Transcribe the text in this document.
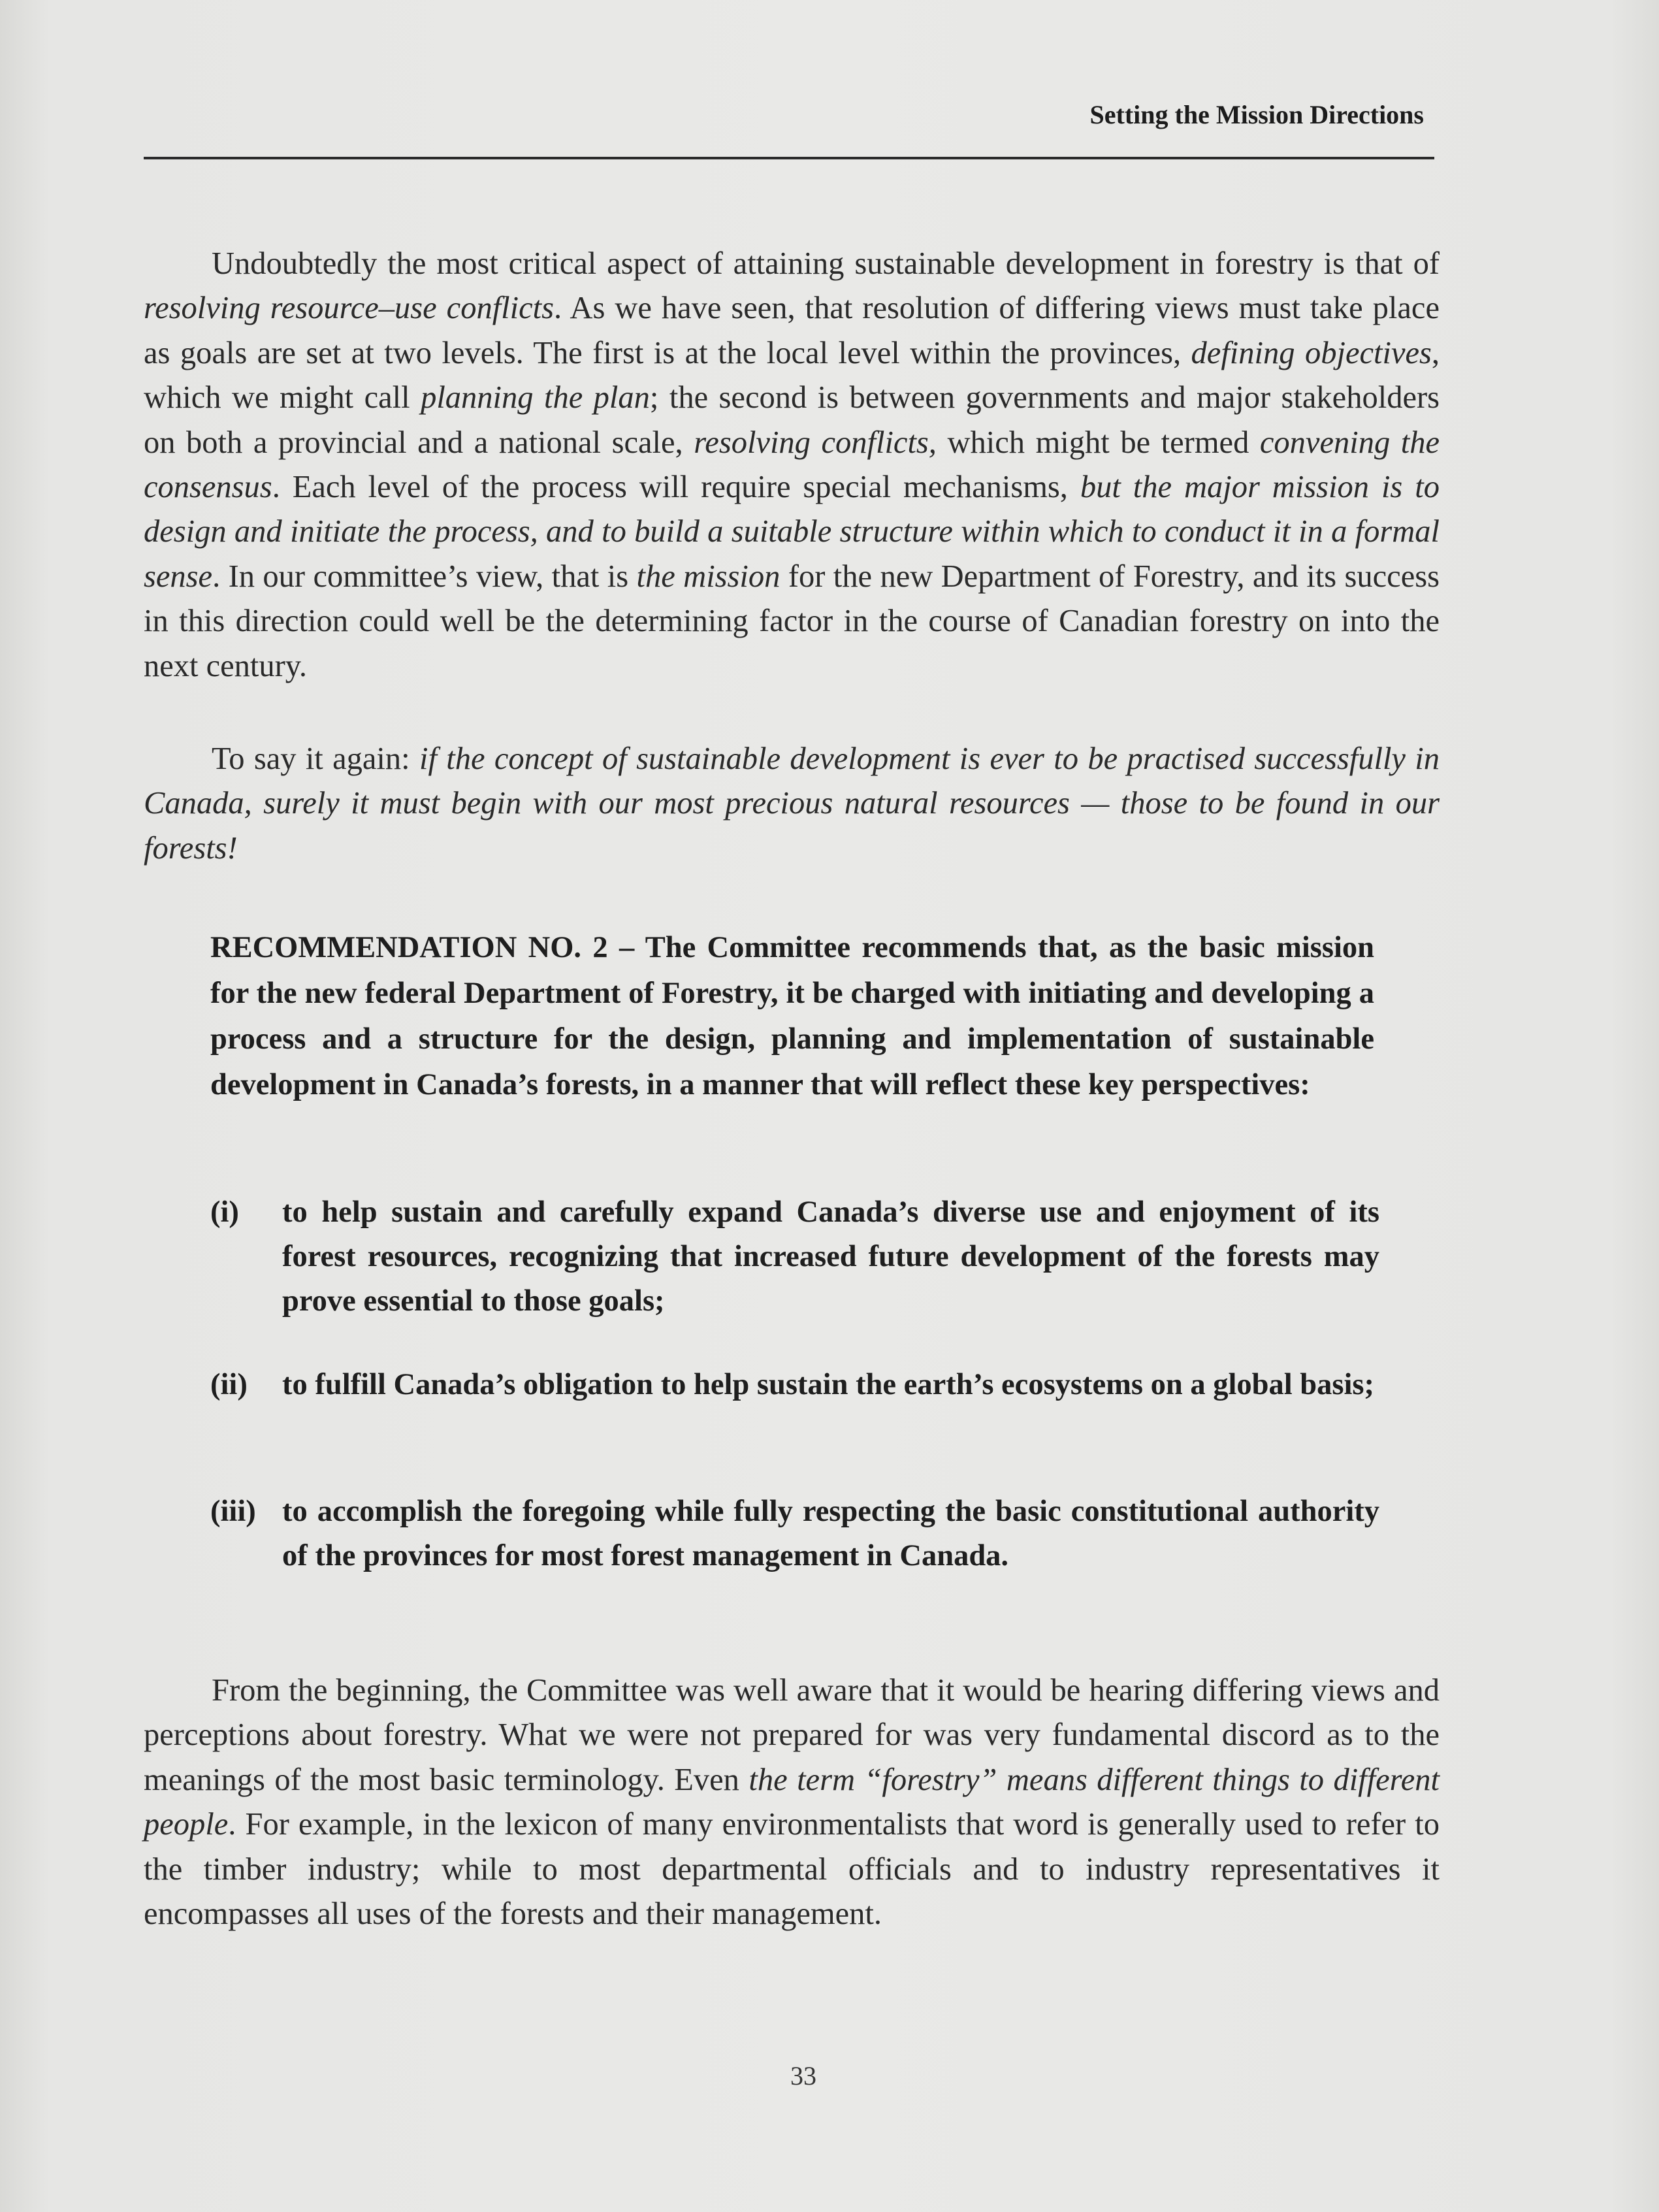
Setting the Mission Directions
Undoubtedly the most critical aspect of attaining sustainable development in forestry is that of resolving resource–use conflicts. As we have seen, that resolution of differing views must take place as goals are set at two levels. The first is at the local level within the provinces, defining objectives, which we might call planning the plan; the second is between governments and major stakeholders on both a provincial and a national scale, resolving conflicts, which might be termed convening the consensus. Each level of the process will require special mechanisms, but the major mission is to design and initiate the process, and to build a suitable structure within which to conduct it in a formal sense. In our committee’s view, that is the mission for the new Department of Forestry, and its success in this direction could well be the determining factor in the course of Canadian forestry on into the next century.
To say it again: if the concept of sustainable development is ever to be practised successfully in Canada, surely it must begin with our most precious natural resources — those to be found in our forests!
RECOMMENDATION NO. 2 – The Committee recommends that, as the basic mission for the new federal Department of Forestry, it be charged with initiating and developing a process and a structure for the design, planning and implementation of sustainable development in Canada’s forests, in a manner that will reflect these key perspectives:
(i) to help sustain and carefully expand Canada’s diverse use and enjoyment of its forest resources, recognizing that increased future development of the forests may prove essential to those goals;
(ii) to fulfill Canada’s obligation to help sustain the earth’s ecosystems on a global basis;
(iii) to accomplish the foregoing while fully respecting the basic constitutional authority of the provinces for most forest management in Canada.
From the beginning, the Committee was well aware that it would be hearing differing views and perceptions about forestry. What we were not prepared for was very fundamental discord as to the meanings of the most basic terminology. Even the term “forestry” means different things to different people. For example, in the lexicon of many environmentalists that word is generally used to refer to the timber industry; while to most departmental officials and to industry representatives it encompasses all uses of the forests and their management.
33
